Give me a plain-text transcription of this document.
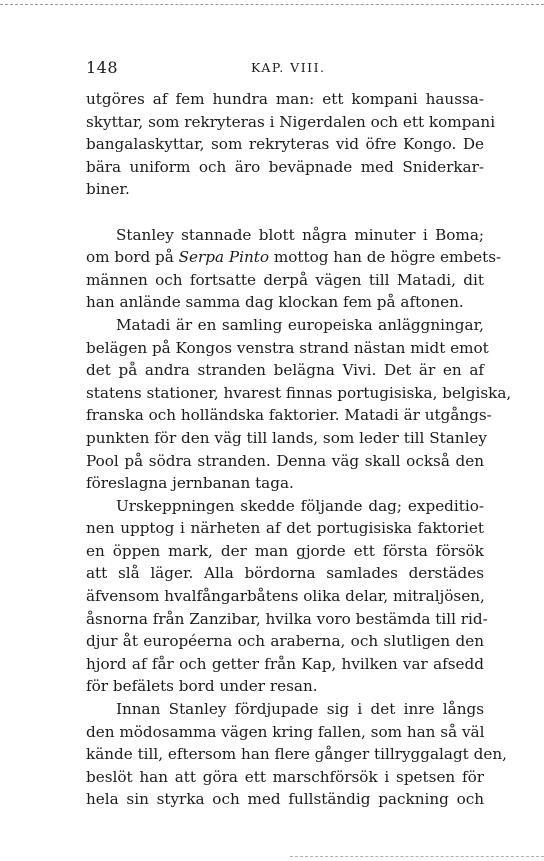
148	KAP. VIII.
utgöres af fem hundra man: ett kompani haussa-
skyttar, som rekryteras i Nigerdalen och ett kompani
bangalaskyttar, som rekryteras vid öfre Kongo. De
bära uniform och äro beväpnade med Sniderkar-
biner.
Stanley stannade blott några minuter i Boma;
om bord på Serpa Pinto mottog han de högre embets-
männen och fortsatte derpå vägen till Matadi, dit
han anlände samma dag klockan fem på aftonen.
Matadi är en samling europeiska anläggningar,
belägen på Kongos venstra strand nästan midt emot
det på andra stranden belägna Vivi. Det är en af
statens stationer, hvarest finnas portugisiska, belgiska,
franska och holländska faktorier. Matadi är utgångs-
punkten för den väg till lands, som leder till Stanley
Pool på södra stranden. Denna väg skall också den
föreslagna jernbanan taga.
Urskeppningen skedde följande dag; expeditio-
nen upptog i närheten af det portugisiska faktoriet
en öppen mark, der man gjorde ett första försök
att slå läger. Alla bördorna samlades derstädes
äfvensom hvalfångarbåtens olika delar, mitraljösen,
åsnorna från Zanzibar, hvilka voro bestämda till rid-
djur åt européerna och araberna, och slutligen den
hjord af får och getter från Kap, hvilken var afsedd
för befälets bord under resan.
Innan Stanley fördjupade sig i det inre långs
den mödosamma vägen kring fallen, som han så väl
kände till, eftersom han flere gånger tillryggalagt den,
beslöt han att göra ett marschförsök i spetsen för
hela sin styrka och med fullständig packning och
